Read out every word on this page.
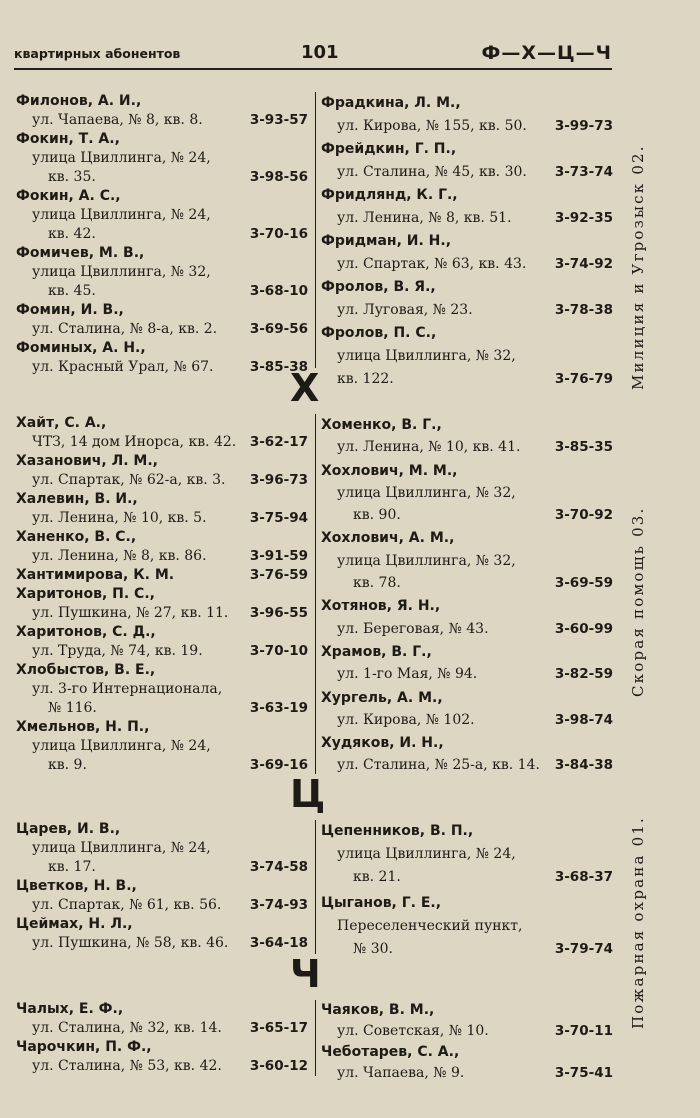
квартирных абонентов	101	Ф—Х—Ц—Ч
Филонов, А. И.,
ул. Чапаева, № 8, кв. 8.	3-93-57
Фокин, Т. А.,
улица Цвиллинга, № 24,
кв. 35.	3-98-56
Фокин, А. С.,
улица Цвиллинга, № 24,
кв. 42.	3-70-16
Фомичев, М. В.,
улица Цвиллинга, № 32,
кв. 45.	3-68-10
Фомин, И. В.,
ул. Сталина, № 8-а, кв. 2. 3-69-56
Фоминых, А. Н.,
ул. Красный Урал, № 67.	3-85-38
Фрадкина, Л. М.,
ул. Кирова, № 155, кв. 50. 3-99-73
Фрейдкин, Г. П.,
ул. Сталина, № 45, кв. 30. 3-73-74
Фридлянд, К. Г.,
ул. Ленина, № 8, кв. 51.	3-92-35
Фридман, И. Н.,
ул. Спартак, № 63, кв. 43. 3-74-92
Фролов, В. Я.,
ул. Луговая, № 23.	3-78-38
Фролов, П. С.,
улица Цвиллинга, № 32,
кв. 122.	3-76-79
Х
Хайт, С. А.,
ЧТЗ, 14 дом Инорса, кв. 42. 3-62-17
Хазанович, Л. М.,
ул. Спартак, № 62-а, кв. 3. 3-96-73
Халевин, В. И.,
ул. Ленина, № 10, кв. 5.	3-75-94
Ханенко, В. С.,
ул. Ленина, № 8, кв. 86.	3-91-59
Хантимирова, К. М.	3-76-59
Харитонов, П. С.,
ул. Пушкина, № 27, кв. 11. 3-96-55
Харитонов, С. Д.,
ул. Труда, № 74, кв. 19.	3-70-10
Хлобыстов, В. Е.,
ул. 3-го Интернационала,
№ 116.	3-63-19
Хмельнов, Н. П.,
улица Цвиллинга, № 24,
кв. 9.	3-69-16
Хоменко, В. Г.,
ул. Ленина, № 10, кв. 41.	3-85-35
Хохлович, М. М.,
улица Цвиллинга, № 32,
кв. 90.	3-70-92
Хохлович, А. М.,
улица Цвиллинга, № 32,
кв. 78.	3-69-59
Хотянов, Я. Н.,
ул. Береговая, № 43.	3-60-99
Храмов, В. Г.,
ул. 1-го Мая, № 94.	3-82-59
Хургель, А. М.,
ул. Кирова, № 102.	3-98-74
Худяков, И. Н.,
ул. Сталина, № 25-а, кв. 14. 3-84-38
Ц
Царев, И. В.,
улица Цвиллинга, № 24,
кв. 17.	3-74-58
Цветков, Н. В.,
ул. Спартак, № 61, кв. 56. 3-74-93
Цеймах, Н. Л.,
ул. Пушкина, № 58, кв. 46. 3-64-18
Цепенников, В. П.,
улица Цвиллинга, № 24,
кв. 21.	3-68-37
Цыганов, Г. Е.,
Переселенческий пункт,
№ 30.	3-79-74
Ч
Чалых, Е. Ф.,
ул. Сталина, № 32, кв. 14. 3-65-17
Чарочкин, П. Ф.,
ул. Сталина, № 53, кв. 42. 3-60-12
Чаяков, В. М.,
ул. Советская, № 10.	3-70-11
Чеботарев, С. А.,
ул. Чапаева, № 9.	3-75-41
Милиция и Угрозыск 02.
Скорая помощь 03.
Пожарная охрана 01.
